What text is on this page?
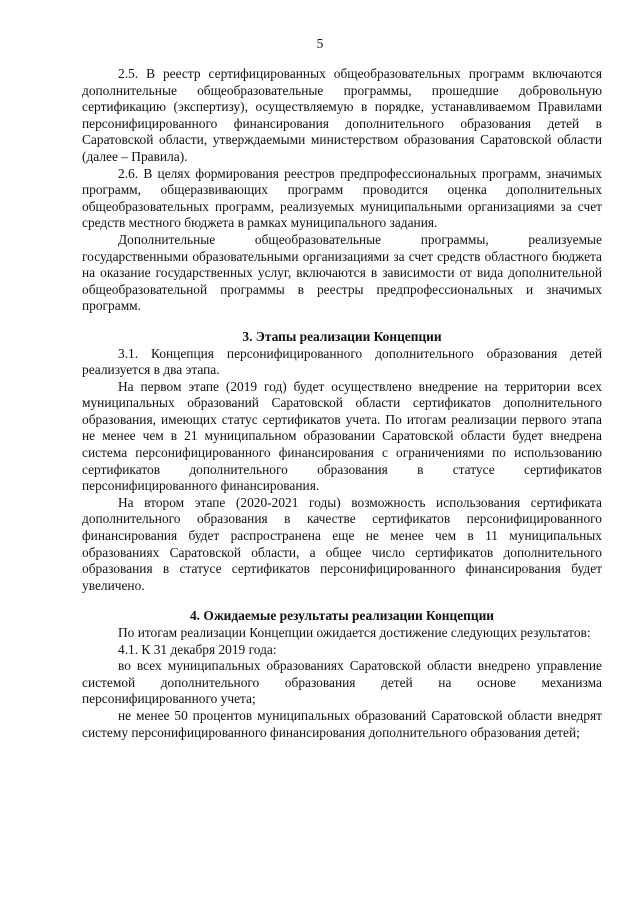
5

2.5. В реестр сертифицированных общеобразовательных программ включаются дополнительные общеобразовательные программы, прошедшие добровольную сертификацию (экспертизу), осуществляемую в порядке, устанавливаемом Правилами персонифицированного финансирования дополнительного образования детей в Саратовской области, утверждаемыми министерством образования Саратовской области (далее – Правила).

2.6. В целях формирования реестров предпрофессиональных программ, значимых программ, общеразвивающих программ проводится оценка дополнительных общеобразовательных программ, реализуемых муниципальными организациями за счет средств местного бюджета в рамках муниципального задания.

Дополнительные общеобразовательные программы, реализуемые государственными образовательными организациями за счет средств областного бюджета на оказание государственных услуг, включаются в зависимости от вида дополнительной общеобразовательной программы в реестры предпрофессиональных и значимых программ.

3. Этапы реализации Концепции

3.1. Концепция персонифицированного дополнительного образования детей реализуется в два этапа.

На первом этапе (2019 год) будет осуществлено внедрение на территории всех муниципальных образований Саратовской области сертификатов дополнительного образования, имеющих статус сертификатов учета. По итогам реализации первого этапа не менее чем в 21 муниципальном образовании Саратовской области будет внедрена система персонифицированного финансирования с ограничениями по использованию сертификатов дополнительного образования в статусе сертификатов персонифицированного финансирования.

На втором этапе (2020-2021 годы) возможность использования сертификата дополнительного образования в качестве сертификатов персонифицированного финансирования будет распространена еще не менее чем в 11 муниципальных образованиях Саратовской области, а общее число сертификатов дополнительного образования в статусе сертификатов персонифицированного финансирования будет увеличено.

4. Ожидаемые результаты реализации Концепции

По итогам реализации Концепции ожидается достижение следующих результатов:

4.1. К 31 декабря 2019 года:

во всех муниципальных образованиях Саратовской области внедрено управление системой дополнительного образования детей на основе механизма персонифицированного учета;

не менее 50 процентов муниципальных образований Саратовской области внедрят систему персонифицированного финансирования дополнительного образования детей;
